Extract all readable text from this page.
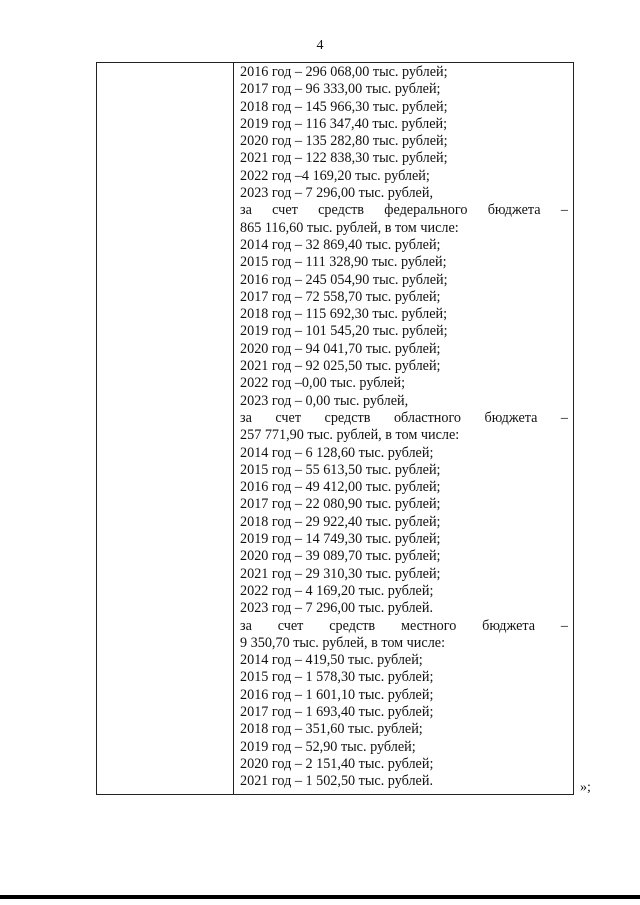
4
2016 год – 296 068,00 тыс. рублей;
2017 год – 96 333,00 тыс. рублей;
2018 год – 145 966,30 тыс. рублей;
2019 год – 116 347,40 тыс. рублей;
2020 год – 135 282,80 тыс. рублей;
2021 год – 122 838,30 тыс. рублей;
2022 год –4 169,20 тыс. рублей;
2023 год – 7 296,00 тыс. рублей,
за счет средств федерального бюджета –
865 116,60 тыс. рублей, в том числе:
2014 год – 32 869,40 тыс. рублей;
2015 год – 111 328,90 тыс. рублей;
2016 год – 245 054,90 тыс. рублей;
2017 год – 72 558,70 тыс. рублей;
2018 год – 115 692,30 тыс. рублей;
2019 год – 101 545,20 тыс. рублей;
2020 год – 94 041,70 тыс. рублей;
2021 год – 92 025,50 тыс. рублей;
2022 год –0,00 тыс. рублей;
2023 год – 0,00 тыс. рублей,
за счет средств областного бюджета –
257 771,90 тыс. рублей, в том числе:
2014 год – 6 128,60 тыс. рублей;
2015 год – 55 613,50 тыс. рублей;
2016 год – 49 412,00 тыс. рублей;
2017 год – 22 080,90 тыс. рублей;
2018 год – 29 922,40 тыс. рублей;
2019 год – 14 749,30 тыс. рублей;
2020 год – 39 089,70 тыс. рублей;
2021 год – 29 310,30 тыс. рублей;
2022 год – 4 169,20 тыс. рублей;
2023 год – 7 296,00 тыс. рублей.
за счет средств местного бюджета –
9 350,70 тыс. рублей, в том числе:
2014 год – 419,50 тыс. рублей;
2015 год – 1 578,30 тыс. рублей;
2016 год – 1 601,10 тыс. рублей;
2017 год – 1 693,40 тыс. рублей;
2018 год – 351,60 тыс. рублей;
2019 год – 52,90 тыс. рублей;
2020 год – 2 151,40 тыс. рублей;
2021 год – 1 502,50 тыс. рублей.	»;
